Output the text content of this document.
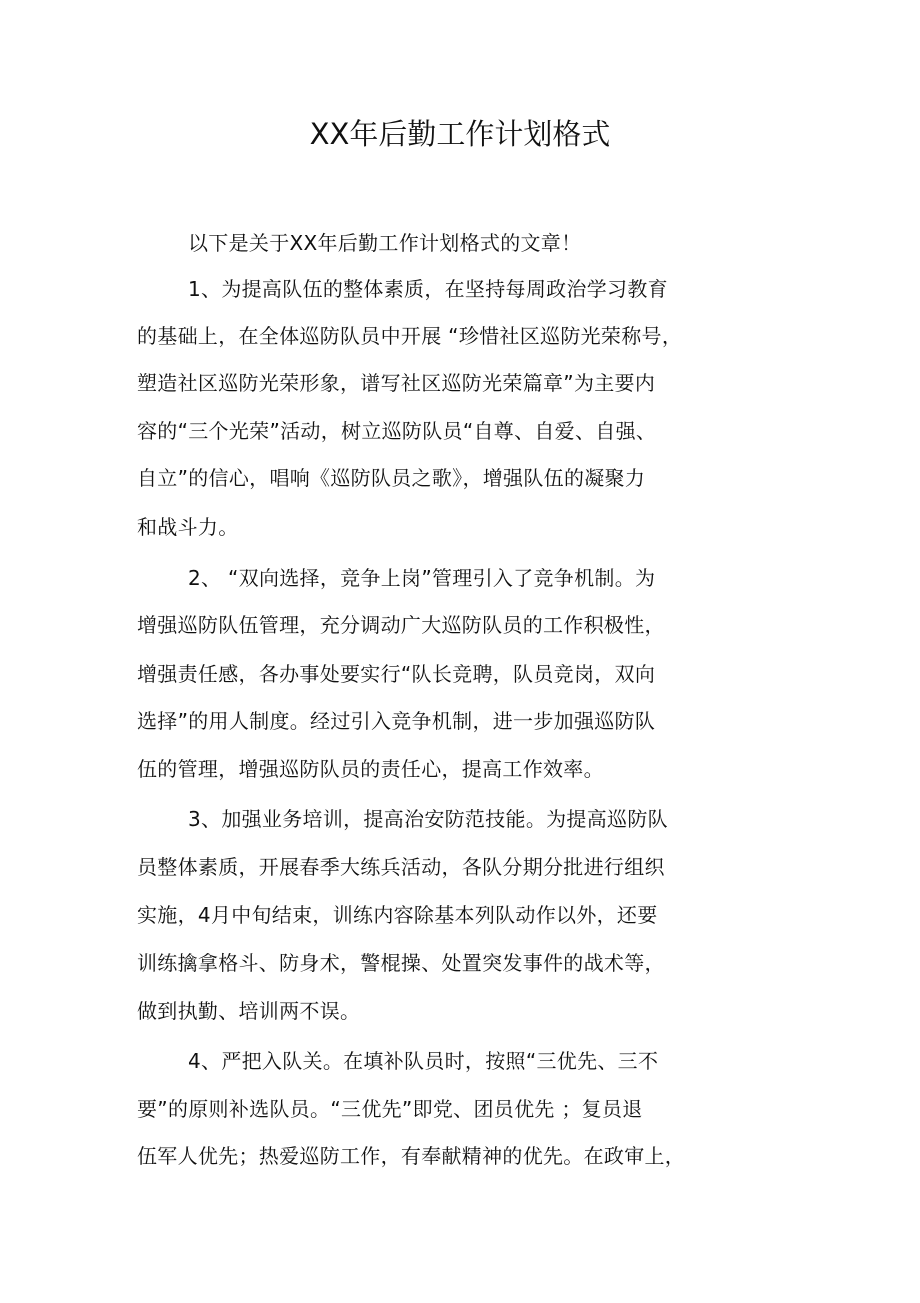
XX年后勤工作计划格式
以下是关于XX年后勤工作计划格式的文章！
1、为提高队伍的整体素质，在坚持每周政治学习教育
的基础上，在全体巡防队员中开展 “珍惜社区巡防光荣称号，
塑造社区巡防光荣形象，谱写社区巡防光荣篇章”为主要内
容的“三个光荣”活动，树立巡防队员“自尊、自爱、自强、
自立”的信心，唱响《巡防队员之歌》，增强队伍的凝聚力
和战斗力。
2、 “双向选择，竞争上岗”管理引入了竞争机制。为
增强巡防队伍管理，充分调动广大巡防队员的工作积极性，
增强责任感，各办事处要实行“队长竞聘，队员竞岗，双向
选择”的用人制度。经过引入竞争机制，进一步加强巡防队
伍的管理，增强巡防队员的责任心，提高工作效率。
3、加强业务培训，提高治安防范技能。为提高巡防队
员整体素质，开展春季大练兵活动，各队分期分批进行组织
实施，4月中旬结束，训练内容除基本列队动作以外，还要
训练擒拿格斗、防身术，警棍操、处置突发事件的战术等，
做到执勤、培训两不误。
4、严把入队关。在填补队员时，按照“三优先、三不
要”的原则补选队员。“三优先”即党、团员优先 ；复员退
伍军人优先；热爱巡防工作，有奉献精神的优先。在政审上，
